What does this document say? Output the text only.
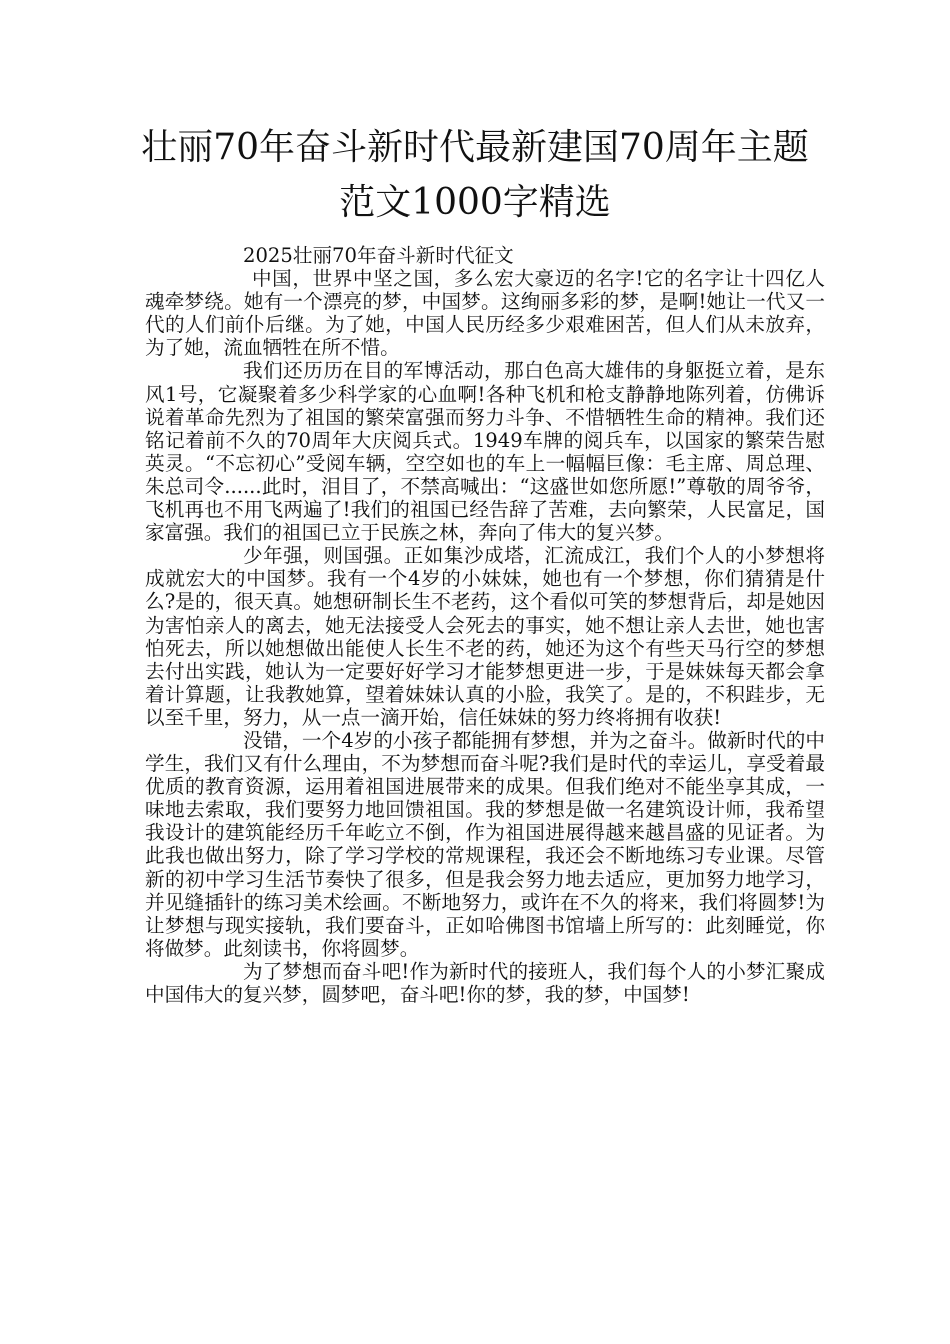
壮丽70年奋斗新时代最新建国70周年主题
范文1000字精选

2025壮丽70年奋斗新时代征文

中国，世界中坚之国，多么宏大豪迈的名字!它的名字让十四亿人魂牵梦绕。她有一个漂亮的梦，中国梦。这绚丽多彩的梦，是啊!她让一代又一代的人们前仆后继。为了她，中国人民历经多少艰难困苦，但人们从未放弃，为了她，流血牺牲在所不惜。

我们还历历在目的军博活动，那白色高大雄伟的身躯挺立着，是东风1号，它凝聚着多少科学家的心血啊!各种飞机和枪支静静地陈列着，仿佛诉说着革命先烈为了祖国的繁荣富强而努力斗争、不惜牺牲生命的精神。我们还铭记着前不久的70周年大庆阅兵式。1949车牌的阅兵车，以国家的繁荣告慰英灵。“不忘初心”受阅车辆，空空如也的车上一幅幅巨像：毛主席、周总理、朱总司令......此时，泪目了，不禁高喊出：“这盛世如您所愿!”尊敬的周爷爷，飞机再也不用飞两遍了!我们的祖国已经告辞了苦难，去向繁荣，人民富足，国家富强。我们的祖国已立于民族之林，奔向了伟大的复兴梦。

少年强，则国强。正如集沙成塔，汇流成江，我们个人的小梦想将成就宏大的中国梦。我有一个4岁的小妹妹，她也有一个梦想，你们猜猜是什么?是的，很天真。她想研制长生不老药，这个看似可笑的梦想背后，却是她因为害怕亲人的离去，她无法接受人会死去的事实，她不想让亲人去世，她也害怕死去，所以她想做出能使人长生不老的药，她还为这个有些天马行空的梦想去付出实践，她认为一定要好好学习才能梦想更进一步，于是妹妹每天都会拿着计算题，让我教她算，望着妹妹认真的小脸，我笑了。是的，不积跬步，无以至千里，努力，从一点一滴开始，信任妹妹的努力终将拥有收获!

没错，一个4岁的小孩子都能拥有梦想，并为之奋斗。做新时代的中学生，我们又有什么理由，不为梦想而奋斗呢?我们是时代的幸运儿，享受着最优质的教育资源，运用着祖国进展带来的成果。但我们绝对不能坐享其成，一味地去索取，我们要努力地回馈祖国。我的梦想是做一名建筑设计师，我希望我设计的建筑能经历千年屹立不倒，作为祖国进展得越来越昌盛的见证者。为此我也做出努力，除了学习学校的常规课程，我还会不断地练习专业课。尽管新的初中学习生活节奏快了很多，但是我会努力地去适应，更加努力地学习，并见缝插针的练习美术绘画。不断地努力，或许在不久的将来，我们将圆梦!为让梦想与现实接轨，我们要奋斗，正如哈佛图书馆墙上所写的：此刻睡觉，你将做梦。此刻读书，你将圆梦。

为了梦想而奋斗吧!作为新时代的接班人，我们每个人的小梦汇聚成中国伟大的复兴梦，圆梦吧，奋斗吧!你的梦，我的梦，中国梦!
